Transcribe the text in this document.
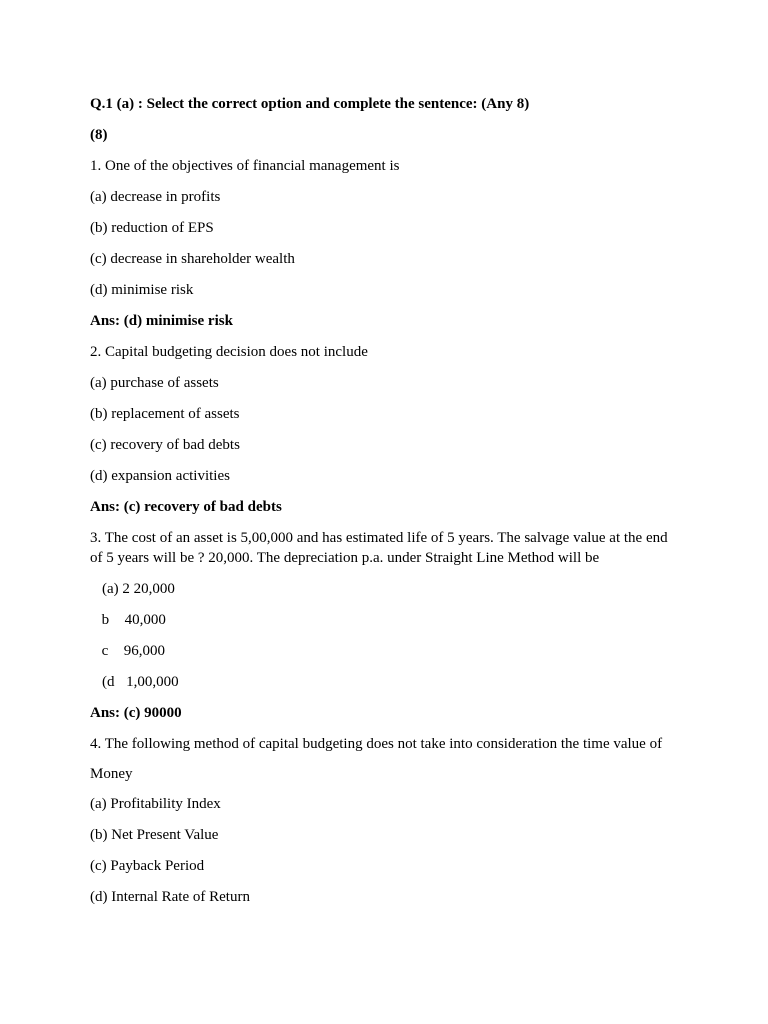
Q.1 (a) : Select the correct option and complete the sentence: (Any 8)
(8)
1. One of the objectives of financial management is
(a) decrease in profits
(b) reduction of EPS
(c) decrease in shareholder wealth
(d) minimise risk
Ans: (d) minimise risk
2. Capital budgeting decision does not include
(a) purchase of assets
(b) replacement of assets
(c) recovery of bad debts
(d) expansion activities
Ans: (c) recovery of bad debts
3. The cost of an asset is 5,00,000 and has estimated life of 5 years. The salvage value at the end of 5 years will be ? 20,000. The depreciation p.a. under Straight Line Method will be
(a) 2 20,000
b  40,000
c  96,000
(d 1,00,000
Ans: (c) 90000
4. The following method of capital budgeting does not take into consideration the time value of
Money
(a) Profitability Index
(b) Net Present Value
(c) Payback Period
(d) Internal Rate of Return
